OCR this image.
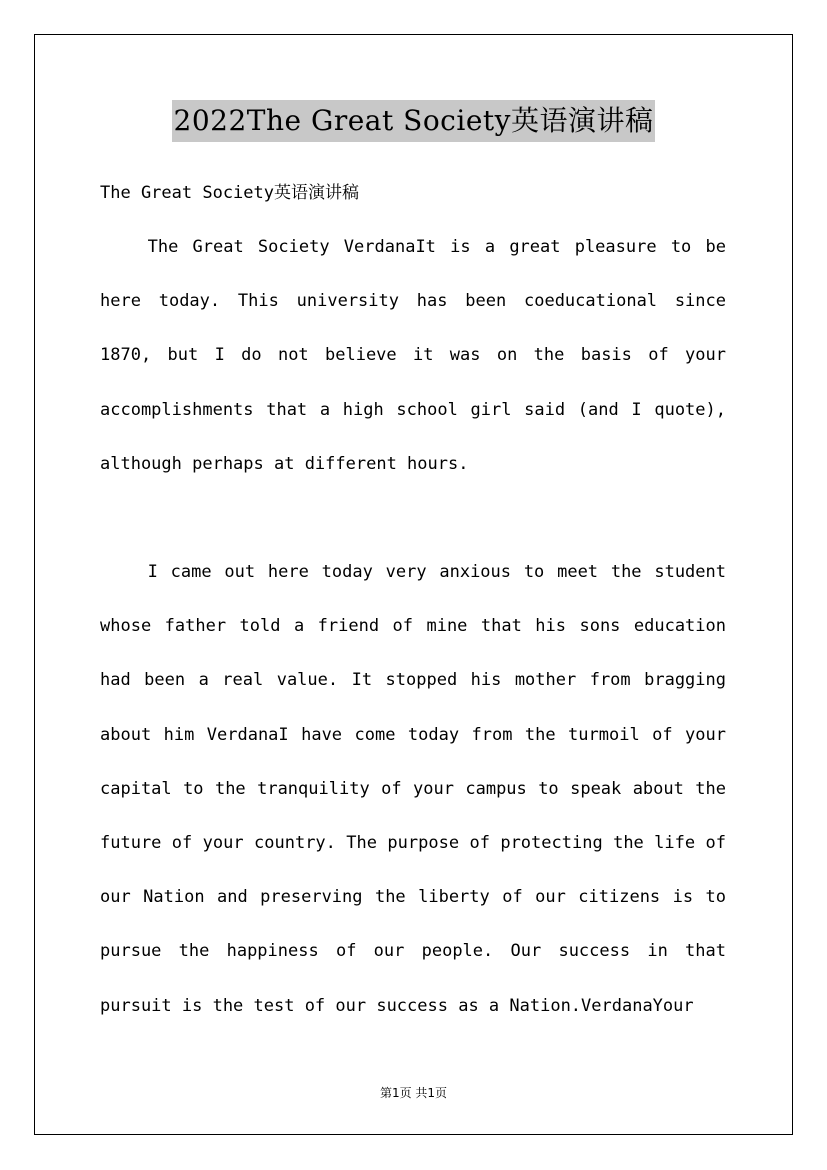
2022The Great Society英语演讲稿
The Great Society英语演讲稿

The Great Society VerdanaIt is a great pleasure to be here today. This university has been coeducational since 1870, but I do not believe it was on the basis of your accomplishments that a high school girl said (and I quote), although perhaps at different hours.

I came out here today very anxious to meet the student whose father told a friend of mine that his sons education had been a real value. It stopped his mother from bragging about him VerdanaI have come today from the turmoil of your capital to the tranquility of your campus to speak about the future of your country. The purpose of protecting the life of our Nation and preserving the liberty of our citizens is to pursue the happiness of our people. Our success in that pursuit is the test of our success as a Nation.VerdanaYour

第1页 共1页
